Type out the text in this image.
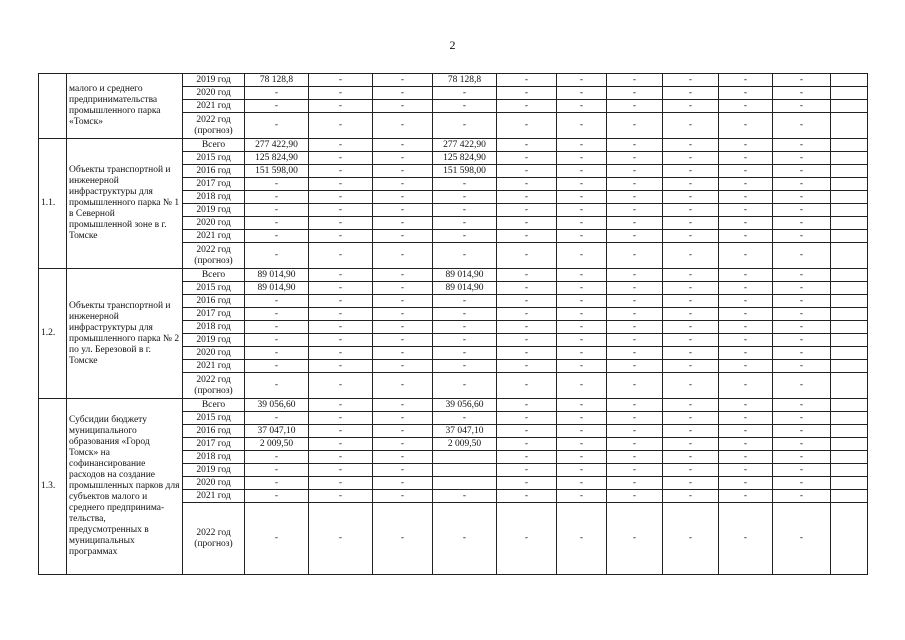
2
	малого и среднего предпринимательства промышленного парка «Томск»	2019 год	78 128,8	-	-	78 128,8	-	-	-	-	-	-	
		2020 год	-	-	-	-	-	-	-	-	-	-	
		2021 год	-	-	-	-	-	-	-	-	-	-	
		2022 год (прогноз)	-	-	-	-	-	-	-	-	-	-	
1.1.	Объекты транспортной и инженерной инфраструктуры для промышленного парка № 1 в Северной промышленной зоне в г. Томске	Всего	277 422,90	-	-	277 422,90	-	-	-	-	-	-	
		2015 год	125 824,90	-	-	125 824,90	-	-	-	-	-	-	
		2016 год	151 598,00	-	-	151 598,00	-	-	-	-	-	-	
		2017 год	-	-	-	-	-	-	-	-	-	-	
		2018 год	-	-	-	-	-	-	-	-	-	-	
		2019 год	-	-	-	-	-	-	-	-	-	-	
		2020 год	-	-	-	-	-	-	-	-	-	-	
		2021 год	-	-	-	-	-	-	-	-	-	-	
		2022 год (прогноз)	-	-	-	-	-	-	-	-	-	-	
1.2.	Объекты транспортной и инженерной инфраструктуры для промышленного парка № 2 по ул. Березовой в г. Томске	Всего	89 014,90	-	-	89 014,90	-	-	-	-	-	-	
		2015 год	89 014,90	-	-	89 014,90	-	-	-	-	-	-	
		2016 год	-	-	-	-	-	-	-	-	-	-	
		2017 год	-	-	-	-	-	-	-	-	-	-	
		2018 год	-	-	-	-	-	-	-	-	-	-	
		2019 год	-	-	-	-	-	-	-	-	-	-	
		2020 год	-	-	-	-	-	-	-	-	-	-	
		2021 год	-	-	-	-	-	-	-	-	-	-	
		2022 год (прогноз)	-	-	-	-	-	-	-	-	-	-	
1.3.	Субсидии бюджету муниципального образования «Город Томск» на софинансирование расходов на создание промышленных парков для субъектов малого и среднего предпринима-тельства, предусмотренных в муниципальных программах	Всего	39 056,60	-	-	39 056,60	-	-	-	-	-	-	
		2015 год	-	-	-	-	-	-	-	-	-	-	
		2016 год	37 047,10	-	-	37 047,10	-	-	-	-	-	-	
		2017 год	2 009,50	-	-	2 009,50	-	-	-	-	-	-	
		2018 год	-	-	-		-	-	-	-	-	-	
		2019 год	-	-	-		-	-	-	-	-	-	
		2020 год	-	-	-		-	-	-	-	-	-	
		2021 год	-	-	-	-	-	-	-	-	-	-	
		2022 год (прогноз)	-	-	-	-	-	-	-	-	-	-	
